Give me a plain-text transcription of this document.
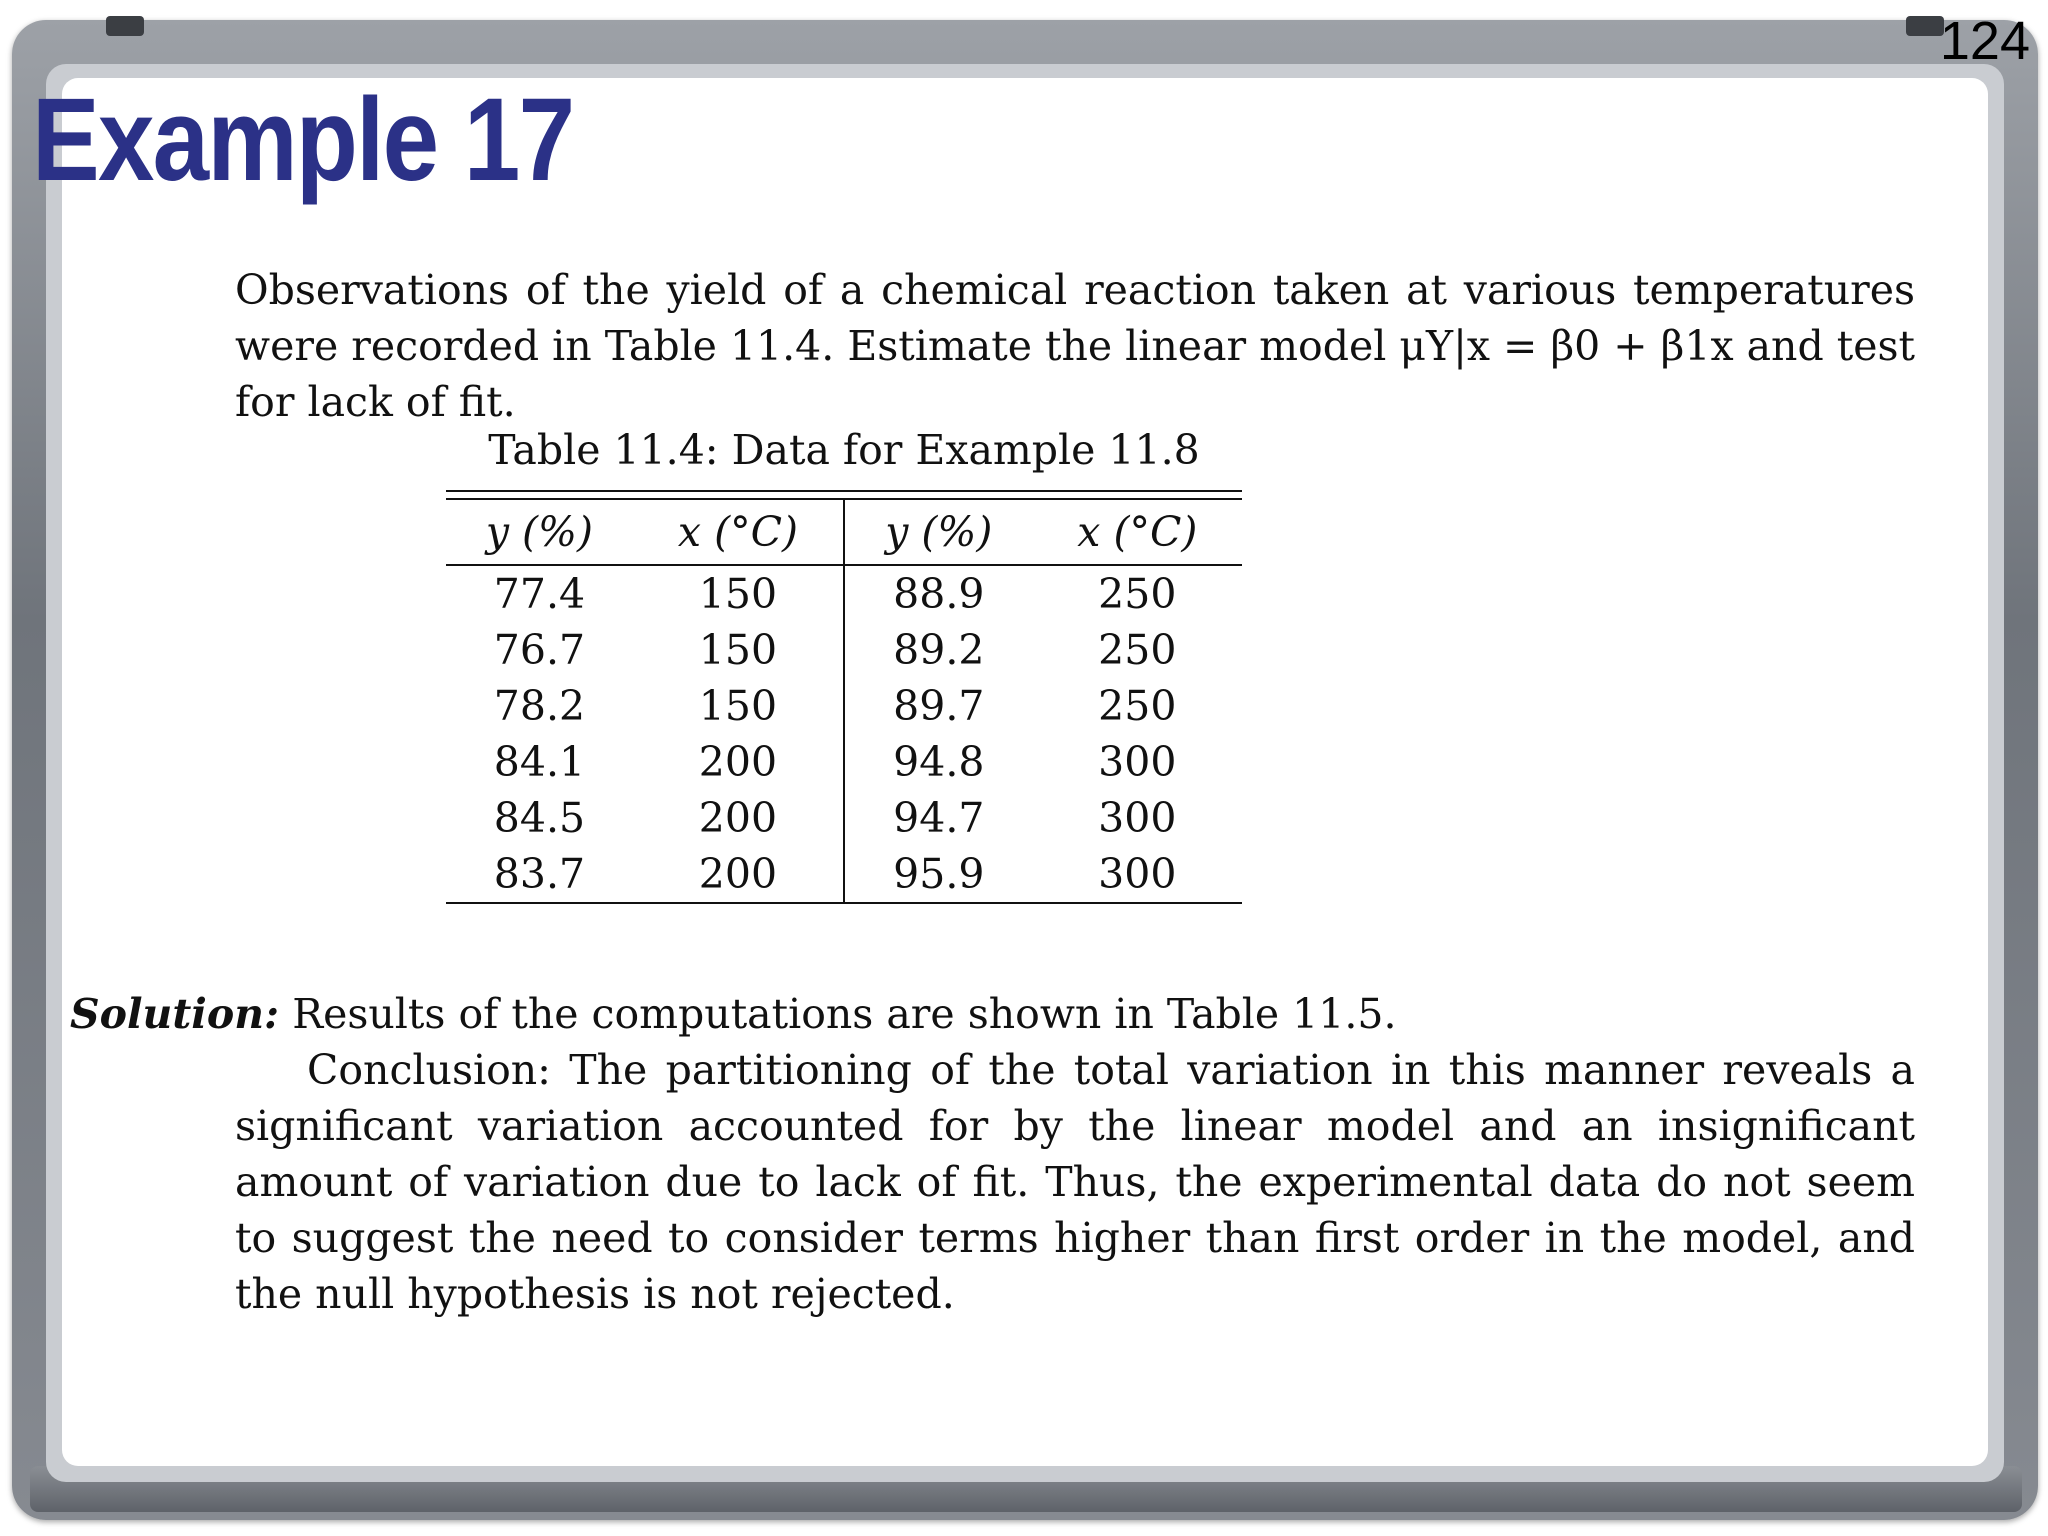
124
Example 17
Observations of the yield of a chemical reaction taken at various temperatures were recorded in Table 11.4. Estimate the linear model μY|x = β0 + β1x and test for lack of fit.
Table 11.4: Data for Example 11.8
y (%)	x (°C)	y (%)	x (°C)
77.4	150	88.9	250
76.7	150	89.2	250
78.2	150	89.7	250
84.1	200	94.8	300
84.5	200	94.7	300
83.7	200	95.9	300
Solution: Results of the computations are shown in Table 11.5.
Conclusion: The partitioning of the total variation in this manner reveals a significant variation accounted for by the linear model and an insignificant amount of variation due to lack of fit. Thus, the experimental data do not seem to suggest the need to consider terms higher than first order in the model, and the null hypothesis is not rejected.
